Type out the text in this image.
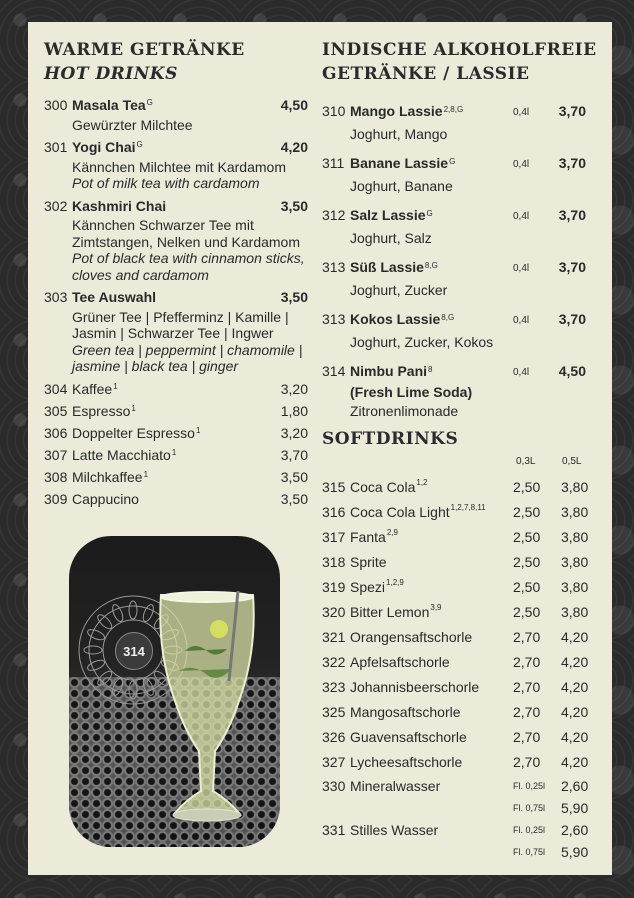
WARME GETRÄNKE
HOT DRINKS
300 Masala Tea$^G$
Gewürzter Milchtee
4,50
301 Yogi Chai$^G$
Kännchen Milchtee mit Kardamom
Pot of milk tea with cardamom
4,20
302 Kashmiri Chai
Kännchen Schwarzer Tee mit Zimtstangen, Nelken und Kardamom
Pot of black tea with cinnamon sticks, cloves and cardamom
3,50
303 Tee Auswahl
Grüner Tee | Pfefferminz | Kamille | Jasmin | Schwarzer Tee | Ingwer
Green tea | peppermint | chamomile | jasmine | black tea | ginger
3,50
304 Kaffee$^1$	3,20
305 Espresso$^1$	1,80
306 Doppelter Espresso$^1$	3,20
307 Latte Macchiato$^1$	3,70
308 Milchkaffee$^1$	3,50
309 Cappucino	3,50
314
INDISCHE ALKOHOLFREIE
GETRÄNKE / LASSIE
310 Mango Lassie$^{2,8,G}$
Joghurt, Mango
0,4l 3,70
311 Banane Lassie$^G$
Joghurt, Banane
0,4l 3,70
312 Salz Lassie$^G$
Joghurt, Salz
0,4l 3,70
313 Süß Lassie$^{8,G}$
Joghurt, Zucker
0,4l 3,70
313 Kokos Lassie$^{8,G}$
Joghurt, Zucker, Kokos
0,4l 3,70
314 Nimbu Pani$^8$
(Fresh Lime Soda)
Zitronenlimonade
0,4l 4,50
SOFTDRINKS
0,3L	0,5L
315 Coca Cola$^{1,2}$	2,50 3,80
316 Coca Cola Light$^{1,2,7,8,11}$ 2,50 3,80
317 Fanta$^{2,9}$	2,50 3,80
318 Sprite	2,50 3,80
319 Spezi$^{1,2,9}$	2,50 3,80
320 Bitter Lemon$^{3,9}$	2,50 3,80
321 Orangensaftschorle	2,70 4,20
322 Apfelsaftschorle	2,70 4,20
323 Johannisbeerschorle 2,70 4,20
325 Mangosaftschorle	2,70 4,20
326 Guavensaftschorle	2,70 4,20
327 Lycheesaftschorle	2,70 4,20
330 Mineralwasser	Fl. 0,25l 2,60
Fl. 0,75l 5,90
331 Stilles Wasser	Fl. 0,25l 2,60
Fl. 0,75l 5,90
